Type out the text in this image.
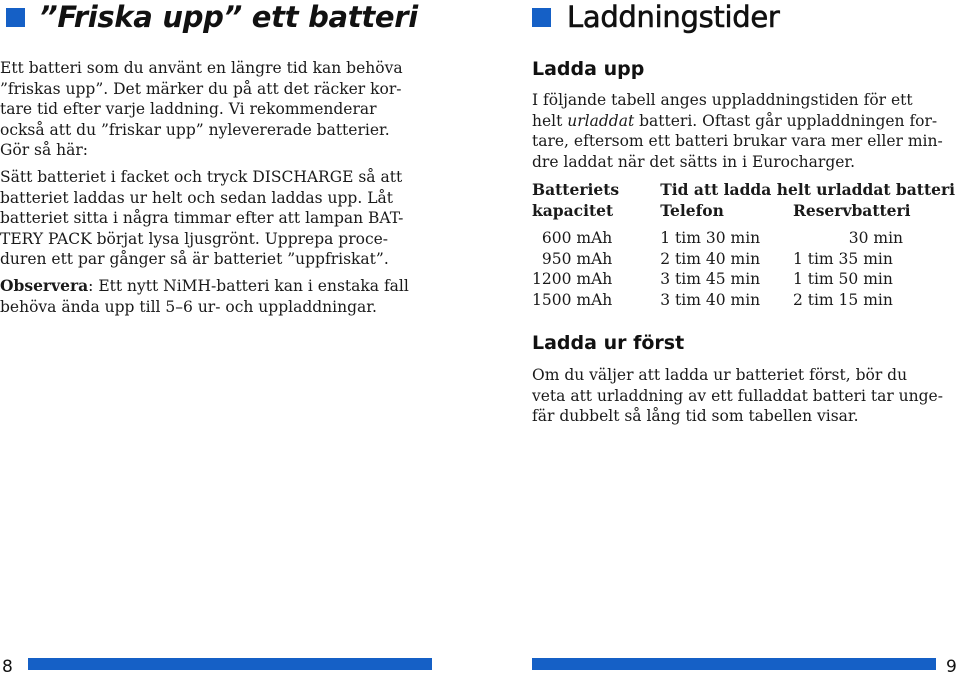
”Friska upp” ett batteri

Ett batteri som du använt en längre tid kan behöva
”friskas upp”. Det märker du på att det räcker kor-
tare tid efter varje laddning. Vi rekommenderar
också att du ”friskar upp” nylevererade batterier.
Gör så här:

Sätt batteriet i facket och tryck DISCHARGE så att
batteriet laddas ur helt och sedan laddas upp. Låt
batteriet sitta i några timmar efter att lampan BAT-
TERY PACK börjat lysa ljusgrönt. Upprepa proce-
duren ett par gånger så är batteriet ”uppfriskat”.

Observera: Ett nytt NiMH-batteri kan i enstaka fall
behöva ända upp till 5–6 ur- och uppladdningar.

Laddningstider
Ladda upp

I följande tabell anges uppladdningstiden för ett
helt urladdat batteri. Oftast går uppladdningen for-
tare, eftersom ett batteri brukar vara mer eller min-
dre laddat när det sätts in i Eurocharger.

Batteriets	Tid att ladda helt urladdat batteri	
kapacitet	Telefon	Reservbatteri

600 mAh	1 tim 30 min	30 min
950 mAh	2 tim 40 min	1 tim 35 min
1200 mAh	3 tim 45 min	1 tim 50 min
1500 mAh	3 tim 40 min	2 tim 15 min
Ladda ur först

Om du väljer att ladda ur batteriet först, bör du
veta att urladdning av ett fulladdat batteri tar unge-
fär dubbelt så lång tid som tabellen visar.

8	9
